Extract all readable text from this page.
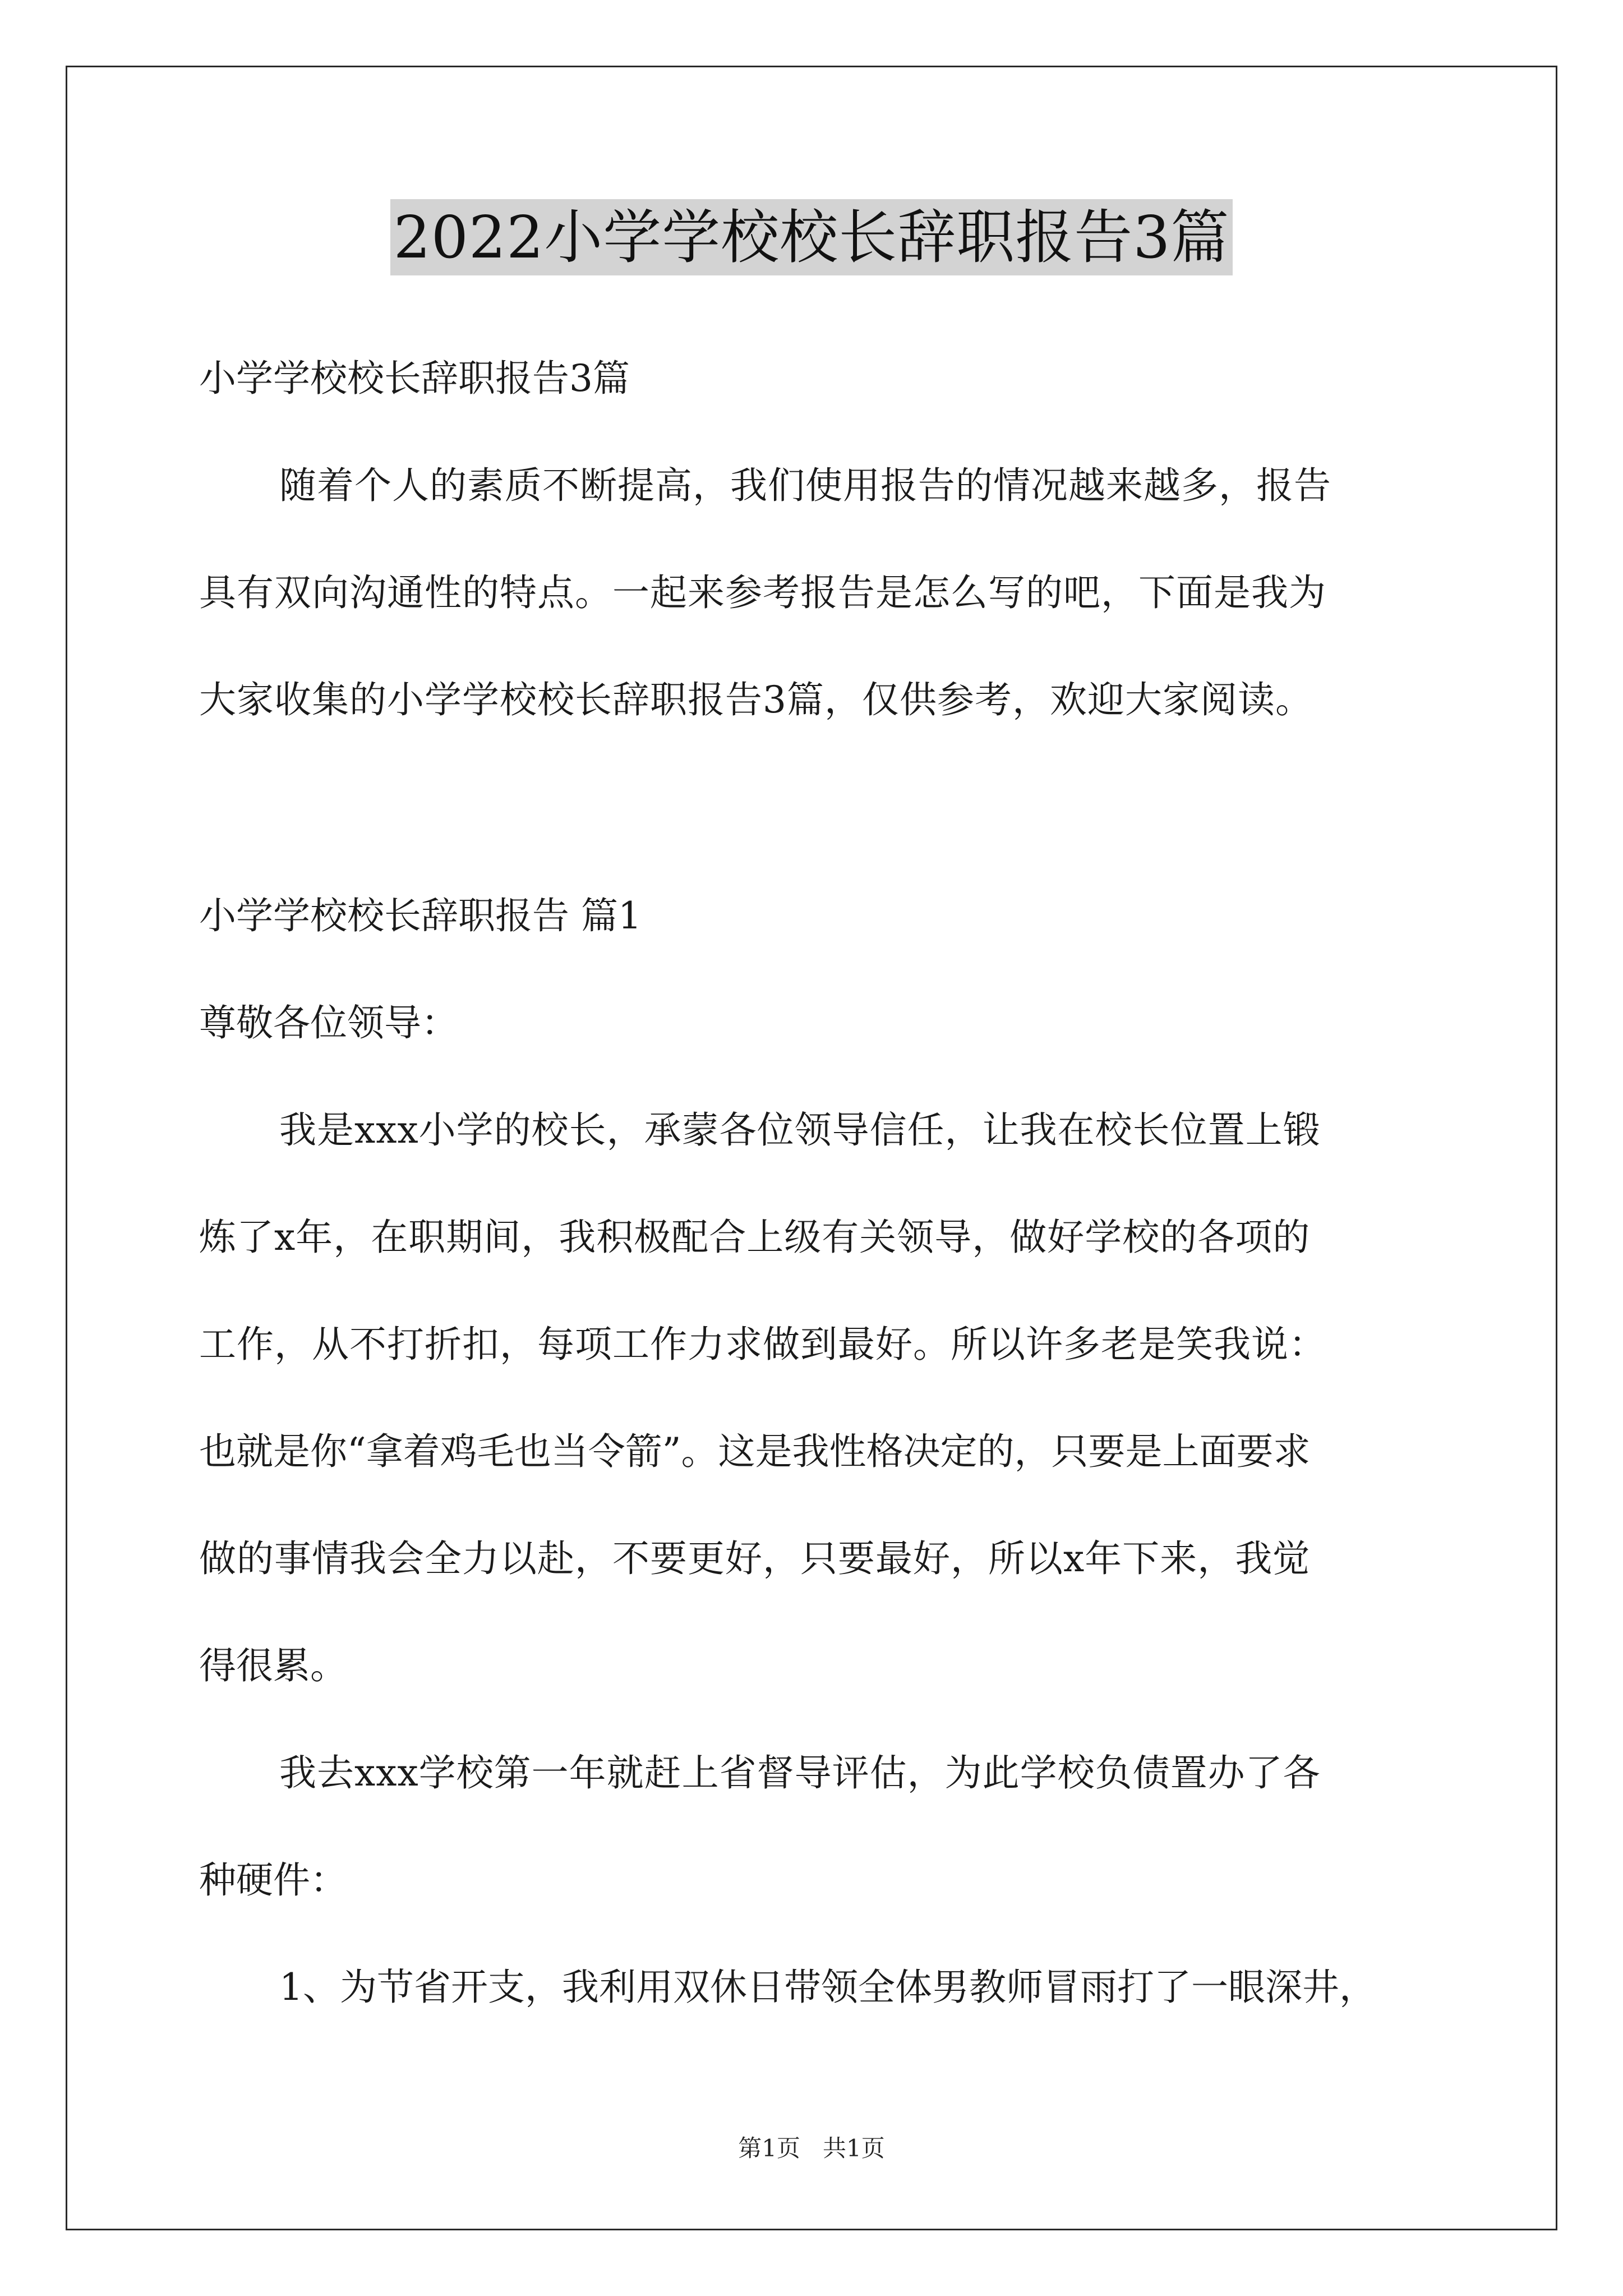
2022小学学校校长辞职报告3篇
小学学校校长辞职报告3篇
随着个人的素质不断提高，我们使用报告的情况越来越多，报告
具有双向沟通性的特点。一起来参考报告是怎么写的吧，下面是我为
大家收集的小学学校校长辞职报告3篇，仅供参考，欢迎大家阅读。
小学学校校长辞职报告 篇1
尊敬各位领导：
我是xxx小学的校长，承蒙各位领导信任，让我在校长位置上锻
炼了x年，在职期间，我积极配合上级有关领导，做好学校的各项的
工作，从不打折扣，每项工作力求做到最好。所以许多老是笑我说：
也就是你“拿着鸡毛也当令箭”。这是我性格决定的，只要是上面要求
做的事情我会全力以赴，不要更好，只要最好，所以x年下来，我觉
得很累。
我去xxx学校第一年就赶上省督导评估，为此学校负债置办了各
种硬件：
1、为节省开支，我利用双休日带领全体男教师冒雨打了一眼深井，
第1页 共1页
